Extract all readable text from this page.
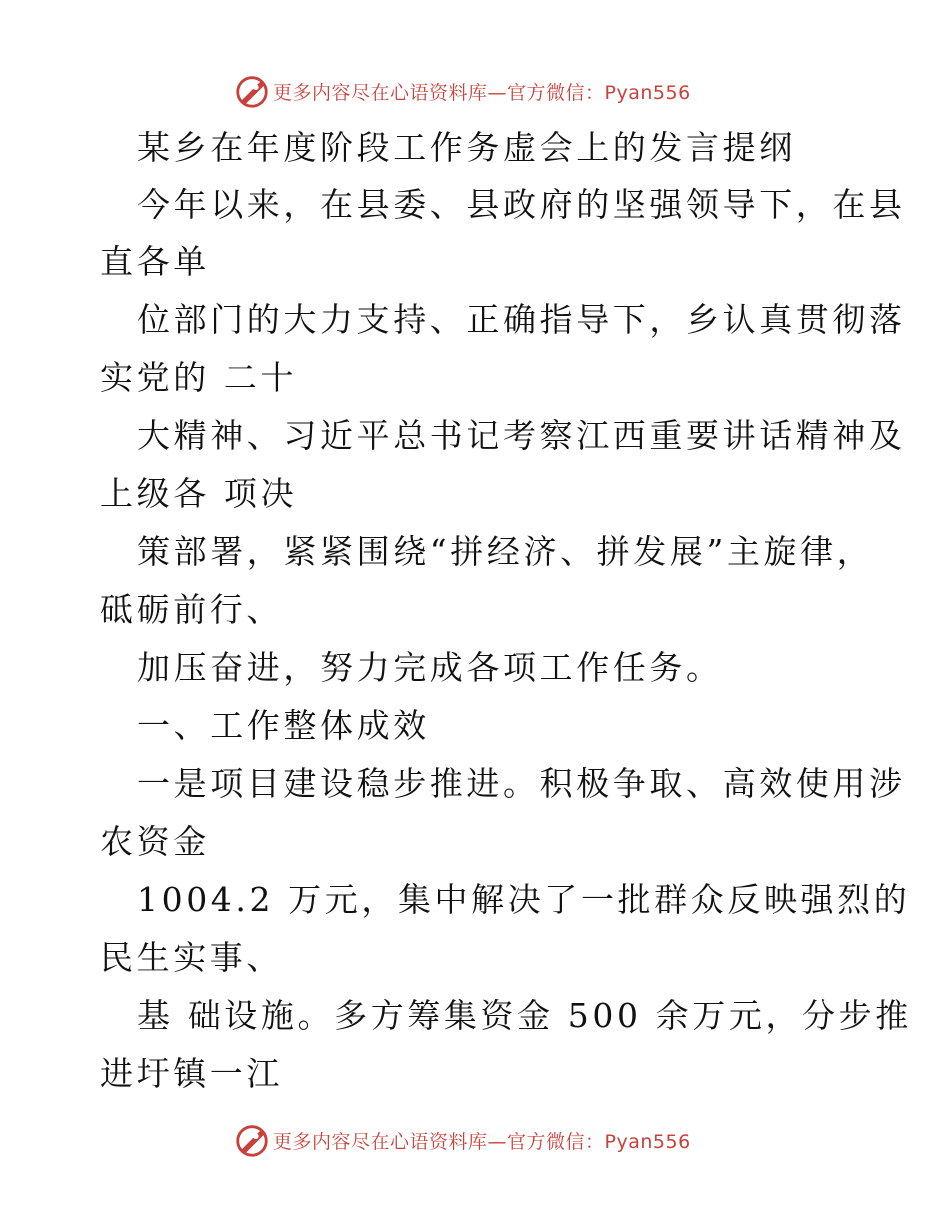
更多内容尽在心语资料库—官方微信：Pyan556
某乡在年度阶段工作务虚会上的发言提纲
今年以来，在县委、县政府的坚强领导下，在县
直各单
位部门的大力支持、正确指导下，乡认真贯彻落
实党的 二十
大精神、习近平总书记考察江西重要讲话精神及
上级各 项决
策部署，紧紧围绕“拼经济、拼发展”主旋律，
砥砺前行、
加压奋进，努力完成各项工作任务。
一、工作整体成效
一是项目建设稳步推进。积极争取、高效使用涉
农资金
1004.2 万元，集中解决了一批群众反映强烈的
民生实事、
基 础设施。多方筹集资金 500 余万元，分步推
进圩镇一江
更多内容尽在心语资料库—官方微信：Pyan556
